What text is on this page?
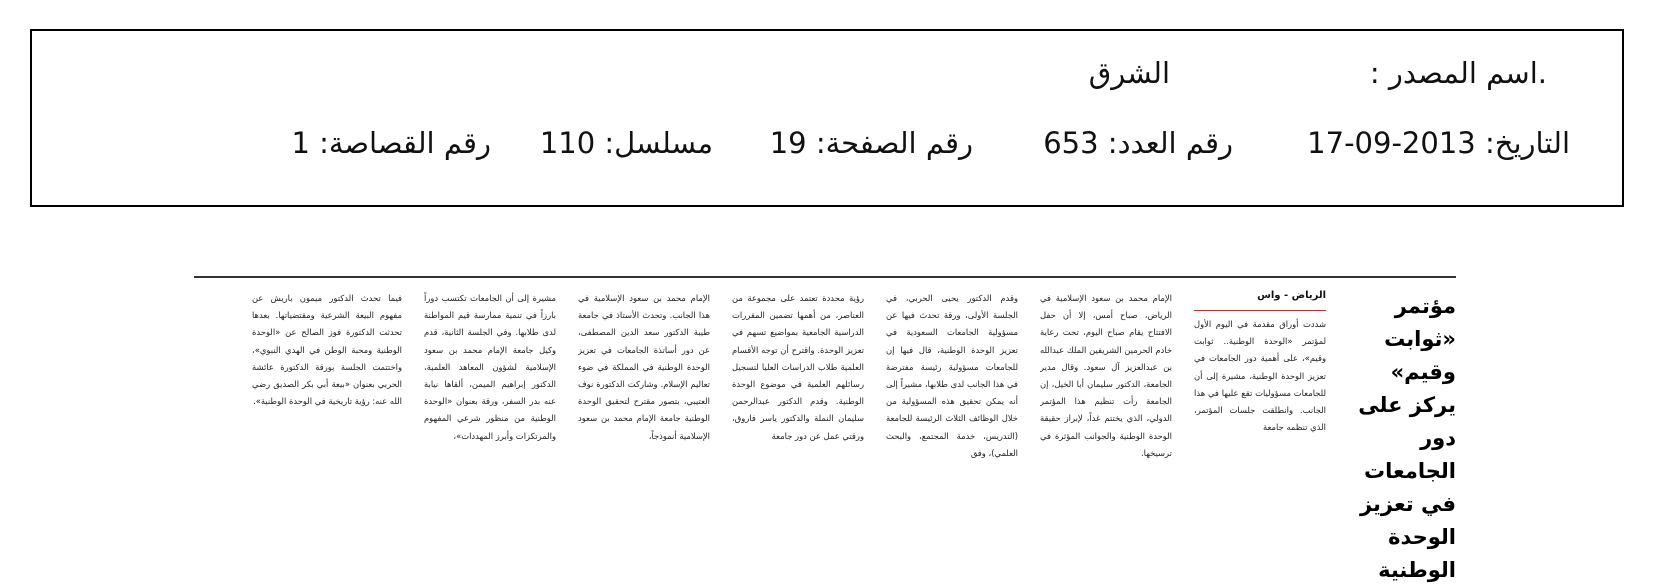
.اسم المصدر :
الشرق
التاريخ: 2013-09-17
رقم العدد: 653
رقم الصفحة: 19
مسلسل: 110
رقم القصاصة: 1
مؤتمر «ثوابت وقيم» يركز على دور الجامعات في تعزيز الوحدة الوطنية
الرياض - واس
شددت أوراق مقدمة في اليوم الأول لمؤتمر «الوحدة الوطنية.. ثوابت وقيم»، على أهمية دور الجامعات في تعزيز الوحدة الوطنية، مشيرة إلى أن للجامعات مسؤوليات تقع عليها في هذا الجانب. وانطلقت جلسات المؤتمر، الذي تنظمه جامعة
الإمام محمد بن سعود الإسلامية في الرياض، صباح أمس، إلا أن حفل الافتتاح يقام صباح اليوم، تحت رعاية خادم الحرمين الشريفين الملك عبدالله بن عبدالعزيز آل سعود. وقال مدير الجامعة، الدكتور سليمان أبا الخيل، إن الجامعة رأت تنظيم هذا المؤتمر الدولي، الذي يختتم غداً، لإبراز حقيقة الوحدة الوطنية والجوانب المؤثرة في ترسيخها.
وقدم الدكتور يحيى الحربي، في الجلسة الأولى، ورقة تحدث فيها عن مسؤولية الجامعات السعودية في تعزيز الوحدة الوطنية، قال فيها إن للجامعات مسؤولية رئيسة مفترضة في هذا الجانب لدى طلابها، مشيراً إلى أنه يمكن تحقيق هذه المسؤولية من خلال الوظائف الثلاث الرئيسة للجامعة (التدريس، خدمة المجتمع، والبحث العلمي)، وفق
رؤية محددة تعتمد على مجموعة من العناصر، من أهمها تضمين المقررات الدراسية الجامعية بمواضيع تسهم في تعزيز الوحدة. واقترح أن توجه الأقسام العلمية طلاب الدراسات العليا لتسجيل رسائلهم العلمية في موضوع الوحدة الوطنية. وقدم الدكتور عبدالرحمن سليمان النملة والدكتور ياسر فاروق، ورقتي عمل عن دور جامعة
الإمام محمد بن سعود الإسلامية في هذا الجانب. وتحدث الأستاذ في جامعة طيبة الدكتور سعد الدين المصطفى، عن دور أساتذة الجامعات في تعزيز الوحدة الوطنية في المملكة في ضوء تعاليم الإسلام. وشاركت الدكتورة نوف العتيبي، بتصور مقترح لتحقيق الوحدة الوطنية جامعة الإمام محمد بن سعود الإسلامية أنموذجاً،
مشيرة إلى أن الجامعات تكتسب دوراً بارزاً في تنمية ممارسة قيم المواطنة لدى طلابها. وفي الجلسة الثانية، قدم وكيل جامعة الإمام محمد بن سعود الإسلامية لشؤون المعاهد العلمية، الدكتور إبراهيم الميمن، ألقاها نيابة عنه بدر السفر، ورقة بعنوان «الوحدة الوطنية من منظور شرعي المفهوم والمرتكزات وأبرز المهددات»،
فيما تحدث الدكتور ميمون باريش عن مفهوم البيعة الشرعية ومقتضياتها. بعدها تحدثت الدكتورة فوز الصالح عن «الوحدة الوطنية ومحبة الوطن في الهدي النبوي»، واختتمت الجلسة بورقة الدكتورة عائشة الحربي بعنوان «بيعة أبي بكر الصديق رضي الله عنه: رؤية تاريخية في الوحدة الوطنية».
